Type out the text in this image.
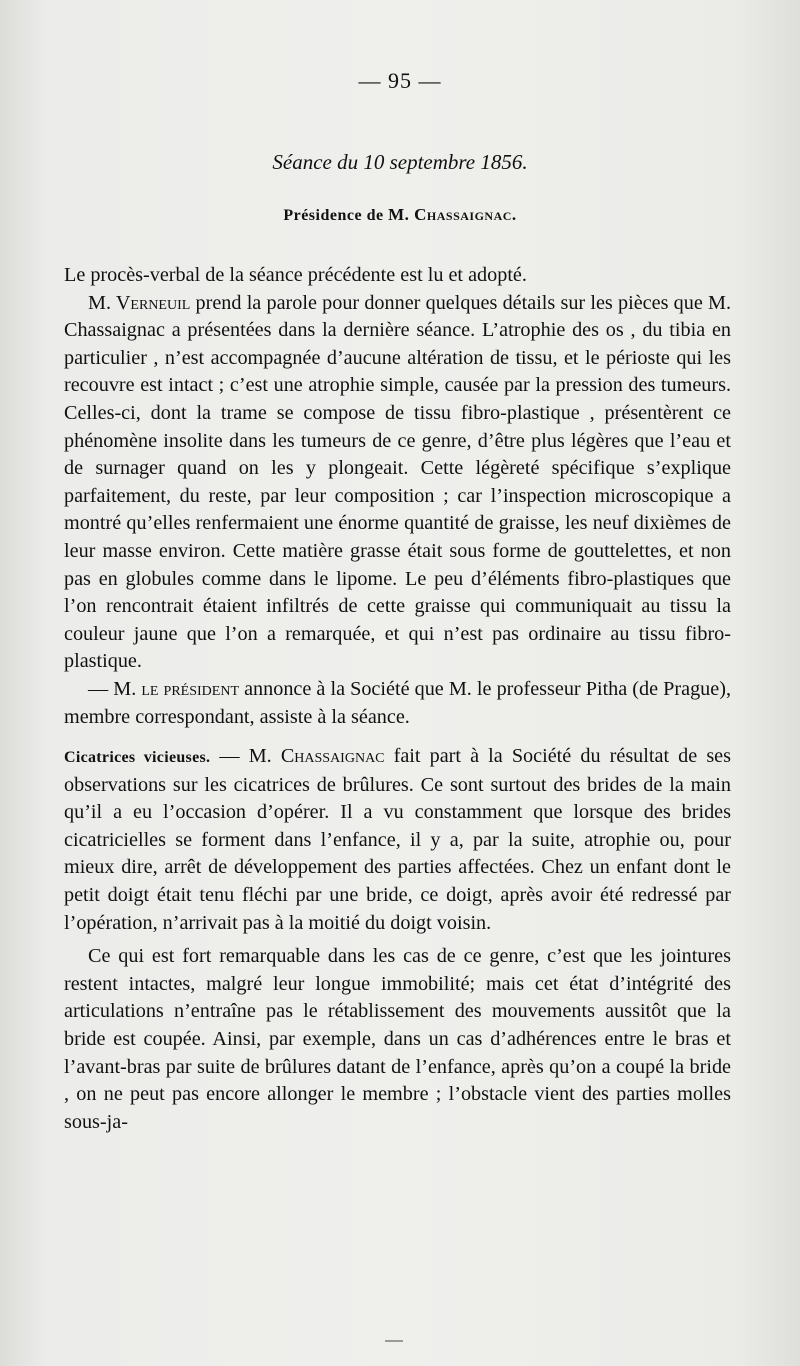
— 95 —
Séance du 10 septembre 1856.
Présidence de M. Chassaignac.

Le procès-verbal de la séance précédente est lu et adopté.

M. Verneuil prend la parole pour donner quelques détails sur les pièces que M. Chassaignac a présentées dans la dernière séance. L’atrophie des os , du tibia en particulier , n’est accompagnée d’aucune altération de tissu, et le périoste qui les recouvre est intact ; c’est une atrophie simple, causée par la pression des tumeurs. Celles-ci, dont la trame se compose de tissu fibro-plastique , présentèrent ce phénomène insolite dans les tumeurs de ce genre, d’être plus légères que l’eau et de surnager quand on les y plongeait. Cette légèreté spécifique s’explique parfaitement, du reste, par leur composition ; car l’inspection microscopique a montré qu’elles renfermaient une énorme quantité de graisse, les neuf dixièmes de leur masse environ. Cette matière grasse était sous forme de gouttelettes, et non pas en globules comme dans le lipome. Le peu d’éléments fibro-plastiques que l’on rencontrait étaient infiltrés de cette graisse qui communiquait au tissu la couleur jaune que l’on a remarquée, et qui n’est pas ordinaire au tissu fibro-plastique.

— M. le président annonce à la Société que M. le professeur Pitha (de Prague), membre correspondant, assiste à la séance.

Cicatrices vicieuses. — M. Chassaignac fait part à la Société du résultat de ses observations sur les cicatrices de brûlures. Ce sont surtout des brides de la main qu’il a eu l’occasion d’opérer. Il a vu constamment que lorsque des brides cicatricielles se forment dans l’enfance, il y a, par la suite, atrophie ou, pour mieux dire, arrêt de développement des parties affectées. Chez un enfant dont le petit doigt était tenu fléchi par une bride, ce doigt, après avoir été redressé par l’opération, n’arrivait pas à la moitié du doigt voisin.

Ce qui est fort remarquable dans les cas de ce genre, c’est que les jointures restent intactes, malgré leur longue immobilité; mais cet état d’intégrité des articulations n’entraîne pas le rétablissement des mouvements aussitôt que la bride est coupée. Ainsi, par exemple, dans un cas d’adhérences entre le bras et l’avant-bras par suite de brûlures datant de l’enfance, après qu’on a coupé la bride , on ne peut pas encore allonger le membre ; l’obstacle vient des parties molles sous-ja-
